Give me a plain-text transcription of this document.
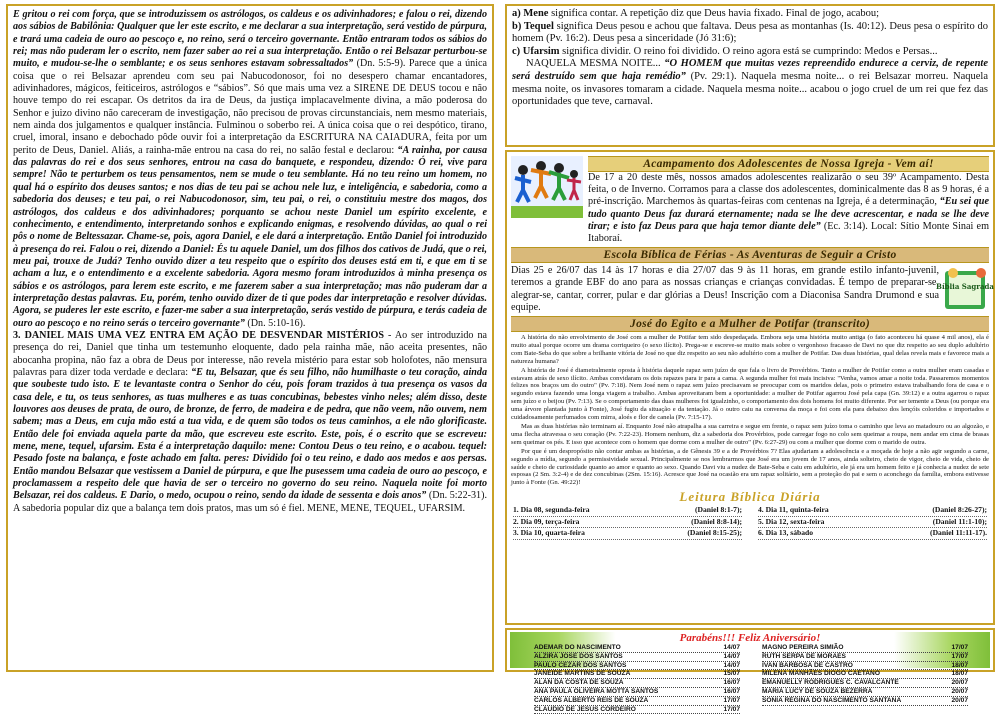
E gritou o rei com força, que se introduzissem os astrólogos, os caldeus e os adivinhadores; e falou o rei, dizendo aos sábios de Babilônia: Qualquer que ler este escrito, e me declarar a sua interpretação, será vestido de púrpura, e trará uma cadeia de ouro ao pescoço e, no reino, será o terceiro governante. Então entraram todos os sábios do rei; mas não puderam ler o escrito, nem fazer saber ao rei a sua interpretação. Então o rei Belsazar perturbou-se muito, e mudou-se-lhe o semblante; e os seus senhores estavam sobressaltados” (Dn. 5:5-9). Parece que a única coisa que o rei Belsazar aprendeu com seu pai Nabucodonosor, foi no desespero chamar encantadores, adivinhadores, mágicos, feiticeiros, astrólogos e “sábios”. Só que mais uma vez a SIRENE DE DEUS tocou e não houve tempo do rei escapar. Os detritos da ira de Deus, da justiça implacavelmente divina, a mão poderosa do Senhor e juizo divino não careceram de investigação, não precisou de provas circunstanciais, nem mesmo materiais, nem ainda dos julgamentos e qualquer instância. Fulminou o soberbo rei. A única coisa que o rei despótico, tirano, cruel, imoral, insano e debochado pôde ouvir foi a interpretação da ESCRITURA NA CAIADURA, feita por um perito de Deus, Daniel. Aliás, a rainha-mãe entrou na casa do rei, no salão festal e declarou: “A rainha, por causa das palavras do rei e dos seus senhores, entrou na casa do banquete, e respondeu, dizendo: Ó rei, vive para sempre! Não te perturbem os teus pensamentos, nem se mude o teu semblante. Há no teu reino um homem, no qual há o espírito dos deuses santos; e nos dias de teu pai se achou nele luz, e inteligência, e sabedoria, como a sabedoria dos deuses; e teu pai, o rei Nabucodonosor, sim, teu pai, o rei, o constituiu mestre dos magos, dos astrólogos, dos caldeus e dos adivinhadores; porquanto se achou neste Daniel um espírito excelente, e conhecimento, e entendimento, interpretando sonhos e explicando enigmas, e resolvendo dúvidas, ao qual o rei pôs o nome de Beltessazar. Chame-se, pois, agora Daniel, e ele dará a interpretação. Então Daniel foi introduzido à presença do rei. Falou o rei, dizendo a Daniel: És tu aquele Daniel, um dos filhos dos cativos de Judá, que o rei, meu pai, trouxe de Judá? Tenho ouvido dizer a teu respeito que o espírito dos deuses está em ti, e que em ti se acham a luz, e o entendimento e a excelente sabedoria. Agora mesmo foram introduzidos à minha presença os sábios e os astrólogos, para lerem este escrito, e me fazerem saber a sua interpretação; mas não puderam dar a interpretação destas palavras. Eu, porém, tenho ouvido dizer de ti que podes dar interpretação e resolver dúvidas. Agora, se puderes ler este escrito, e fazer-me saber a sua interpretação, serás vestido de púrpura, e terás cadeia de ouro ao pescoço e no reino serás o terceiro governante” (Dn. 5:10-16).

3. DANIEL MAIS UMA VEZ ENTRA EM AÇÃO DE DESVENDAR MISTÉRIOS - Ao ser introduzido na presença do rei, Daniel que tinha um testemunho eloquente, dado pela rainha mãe, não aceita presentes, não abocanha propina, não faz a obra de Deus por interesse, não revela mistério para estar sob holofotes, não mensura palavras para dizer toda verdade e declara: “E tu, Belsazar, que és seu filho, não humilhaste o teu coração, ainda que soubeste tudo isto. E te levantaste contra o Senhor do céu, pois foram trazidos à tua presença os vasos da casa dele, e tu, os teus senhores, as tuas mulheres e as tuas concubinas, bebestes vinho neles; além disso, deste louvores aos deuses de prata, de ouro, de bronze, de ferro, de madeira e de pedra, que não veem, não ouvem, nem sabem; mas a Deus, em cuja mão está a tua vida, e de quem são todos os teus caminhos, a ele não glorificaste. Então dele foi enviada aquela parte da mão, que escreveu este escrito. Este, pois, é o escrito que se escreveu: mene, mene, tequel, ufarsim. Esta é a interpretação daquilo: mene: Contou Deus o teu reino, e o acabou. tequel: Pesado foste na balança, e foste achado em falta. peres: Dividido foi o teu reino, e dado aos medos e aos persas. Então mandou Belsazar que vestissem a Daniel de púrpura, e que lhe pusessem uma cadeia de ouro ao pescoço, e proclamassem a respeito dele que havia de ser o terceiro no governo do seu reino. Naquela noite foi morto Belsazar, rei dos caldeus. E Dario, o medo, ocupou o reino, sendo da idade de sessenta e dois anos” (Dn. 5:22-31). A sabedoria popular diz que a balança tem dois pratos, mas um só é fiel. MENE, MENE, TEQUEL, UFARSIM.

a) Mene significa contar. A repetição diz que Deus havia fixado. Final de jogo, acabou;

b) Tequel significa Deus pesou e achou que faltava. Deus pesa as montanhas (Is. 40:12). Deus pesa o espírito do homem (Pv. 16:2). Deus pesa a sinceridade (Jó 31:6);

c) Ufarsim significa dividir. O reino foi dividido. O reino agora está se cumprindo: Medos e Persas...

NAQUELA MESMA NOITE... “O HOMEM que muitas vezes repreendido endurece a cerviz, de repente será destruído sem que haja remédio” (Pv. 29:1). Naquela mesma noite... o rei Belsazar morreu. Naquela mesma noite, os invasores tomaram a cidade. Naquela mesma noite... acabou o jogo cruel de um rei que fez das oportunidades que teve, carnaval.

Acampamento dos Adolescentes de Nossa Igreja - Vem aí!
De 17 a 20 deste mês, nossos amados adolescentes realizarão o seu 39º Acampamento. Desta feita, o de Inverno. Corramos para a classe dos adolescentes, dominicalmente das 8 as 9 horas, é a pré-inscrição. Marchemos às quartas-feiras com centenas na Igreja, é a determinação, “Eu sei que tudo quanto Deus faz durará eternamente; nada se lhe deve acrescentar, e nada se lhe deve tirar; e isto faz Deus para que haja temor diante dele” (Ec. 3:14). Local: Sítio Monte Sinai em Itaboraí.
Escola Bíblica de Férias - As Aventuras de Seguir a Cristo
Dias 25 e 26/07 das 14 às 17 horas e dia 27/07 das 9 às 11 horas, em grande estilo infanto-juvenil, teremos a grande EBF do ano para as nossas crianças e crianças convidadas. É tempo de preparar-se, alegrar-se, cantar, correr, pular e dar glórias a Deus! Inscrição com a Diaconisa Sandra Drumond e sua equipe.
Bíblia Sagrada
José do Egito e a Mulher de Potifar (transcrito)

A história do não envolvimento de José com a mulher de Potifar tem sido despedaçada. Embora seja uma história muito antiga (o fato aconteceu há quase 4 mil anos), ela é muito atual porque ocorre um drama corriqueiro (o sexo ilícito). Prega-se e escreve-se muito mais sobre o vergonhoso fracasso de Davi no que diz respeito ao seu duplo adultério com Bate-Seba do que sobre a brilhante vitória de José no que diz respeito ao seu não adultério com a mulher de Potifar. Das duas histórias, qual delas revela mais e favorece mais a natureza humana?

A história de José é diametralmente oposta à história daquele rapaz sem juízo de que fala o livro de Provérbios. Tanto a mulher de Potifar como a outra mulher eram casadas e estavam atrás de sexo ilícito. Ambas convidaram os dois rapazes para ir para a cama. A segunda mulher foi mais incisiva: "Venha, vamos amar a noite toda. Passaremos momentos felizes nos braços um do outro" (Pv. 7:18). Nem José nem o rapaz sem juízo precisavam se preocupar com os maridos delas, pois o primeiro estava trabalhando fora de casa e o segundo estava fazendo uma longa viagem a trabalho. Ambas aproveitaram bem a oportunidade: a mulher de Potifar agarrou José pela capa (Gn. 39:12) e a outra agarrou o rapaz sem juízo e o beijou (Pv. 7:13). Se o comportamento das duas mulheres foi igualzinho, o comportamento dos dois homens foi muito diferente. Por ser temente a Deus (ou porque era uma árvore plantada junto à Fonte), José fugiu da situação e da tentação. Já o outro caiu na conversa da moça e foi com ela para debaixo dos lençóis coloridos e importados e cuidadosamente perfumados com mirra, aloés e flor de canela (Pv. 7:15-17).

Mas as duas histórias não terminam aí. Enquanto José não atrapalha a sua carreira e segue em frente, o rapaz sem juízo toma o caminho que leva ao matadouro ou ao algozão, e uma flecha atravessa o seu coração (Pv. 7:22-23). Homem nenhum, diz a sabedoria dos Provérbios, pode carregar fogo no colo sem queimar a roupa, nem andar em cima de brasas sem queimar os pés. E isso que acontece com o homem que dorme com a mulher de outro" (Pv. 6:27-29) ou com a mulher que dorme com o marido de outra.

Por que é um despropósito não contar ambas as histórias, a de Gênesis 39 e a de Provérbios 7? Elas ajudariam a adolescência e a moçada de hoje a não agir segundo a carne, segundo a mídia, segundo a permissividade sexual. Principalmente se nos lembrarmos que José era um jovem de 17 anos, ainda solteiro, cheio de vigor, cheio de vida, cheio de saúde e cheio de curiosidade quanto ao amor e quanto ao sexo. Quando Davi viu a nudez de Bate-Seba e caiu em adultério, ele já era um homem feito e já conhecia a nudez de sete esposas (2 Sm. 3:2-4) e de dez concubinas (2Sm. 15:16). Acresce que José na ocasião era um rapaz solitário, sem a proteção do pai e sem o aconchego da família, embora estivesse junto à Fonte (Gn. 49:22)!

Leitura Bíblica Diária
1. Dia 08, segunda-feira	(Daniel 8:1-7); 4. Dia 11, quinta-feira	(Daniel 8:26-27);
2. Dia 09, terça-feira	(Daniel 8:8-14); 5. Dia 12, sexta-feira	(Daniel 11:1-10);
3. Dia 10, quarta-feira	(Daniel 8:15-25); 6. Dia 13, sábado	(Daniel 11:11-17).
Parabéns!!! Feliz Aniversário!
ADEMAR DO NASCIMENTO	14/07	MAGNO PEREIRA SIMIÃO	17/07
ALZIRA JOSE DOS SANTOS	14/07	RUTH SERPA DE MORAES	17/07
PAULO CEZAR DOS SANTOS	14/07	IVAN BARBOSA DE CASTRO	18/07
JANEIDE MARTINS DE SOUZA	15/07	MILENA MANHÃES DIOGO CAETANO	18/07
ALAN DA COSTA DE SOUZA	16/07	EMANUELLY RODRIGUES C. CAVALCANTE	20/07
ANA PAULA OLIVEIRA MOTTA SANTOS	16/07	MARIA LUCY DE SOUZA BEZERRA	20/07
CARLOS ALBERTO REIS DE SOUZA	17/07	SONIA REGINA DO NASCIMENTO SANTANA	20/07
CLAUDIO DE JESUS CORDEIRO	17/07
